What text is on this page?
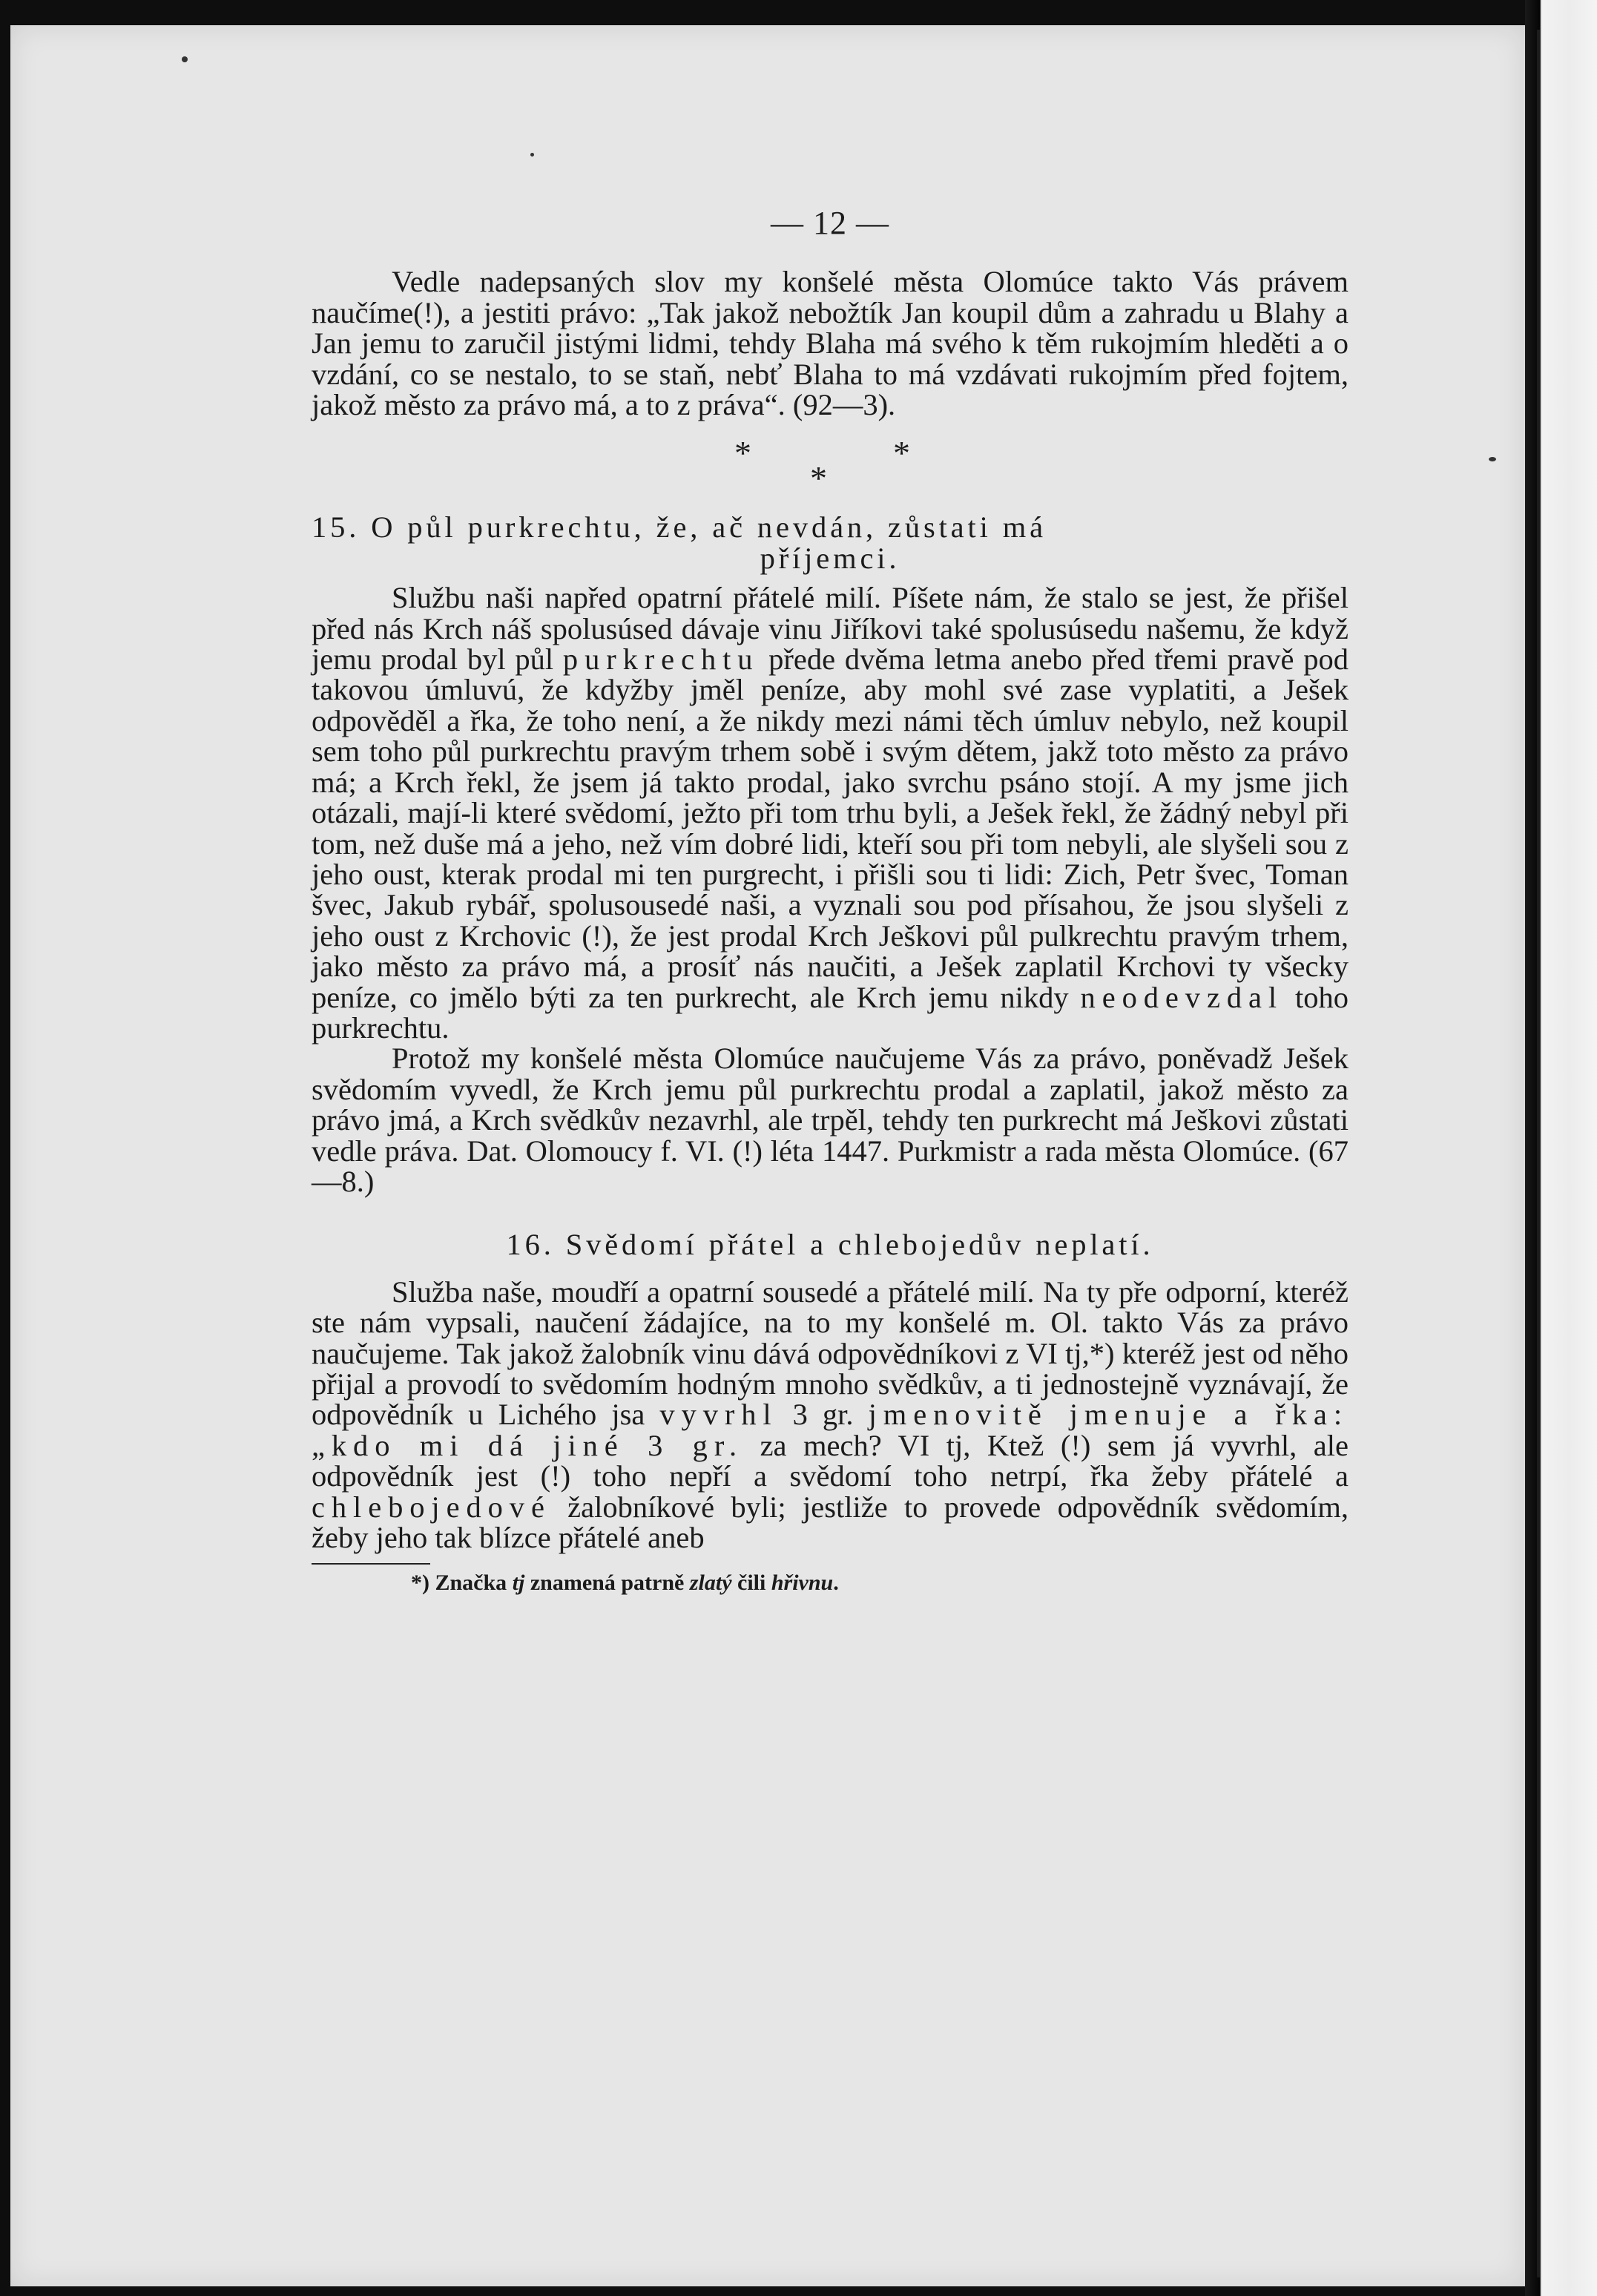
— 12 —

Vedle nadepsaných slov my konšelé města Olomúce takto Vás právem naučíme(!), a jestiti právo: „Tak jakož nebožtík Jan koupil dům a zahradu u Blahy a Jan jemu to zaručil jistými lidmi, tehdy Blaha má svého k těm rukojmím hleděti a o vzdání, co se nestalo, to se staň, nebť Blaha to má vzdávati rukojmím před fojtem, jakož město za právo má, a to z práva“. (92—3).

*
*
*
15. O půl purkrechtu, že, ač nevdán, zůstati má
příjemci.

Službu naši napřed opatrní přátelé milí. Píšete nám, že stalo se jest, že přišel před nás Krch náš spolusúsed dávaje vinu Jiříkovi také spolusúsedu našemu, že když jemu prodal byl půl purkrechtu přede dvěma letma anebo před třemi pravě pod takovou úmluvú, že kdyžby jměl peníze, aby mohl své zase vyplatiti, a Ješek odpověděl a řka, že toho není, a že nikdy mezi námi těch úmluv nebylo, než koupil sem toho půl purkrechtu pravým trhem sobě i svým dětem, jakž toto město za právo má; a Krch řekl, že jsem já takto prodal, jako svrchu psáno stojí. A my jsme jich otázali, mají-li které svědomí, ježto při tom trhu byli, a Ješek řekl, že žádný nebyl při tom, než duše má a jeho, než vím dobré lidi, kteří sou při tom nebyli, ale slyšeli sou z jeho oust, kterak prodal mi ten purgrecht, i přišli sou ti lidi: Zich, Petr švec, Toman švec, Jakub rybář, spolusousedé naši, a vyznali sou pod přísahou, že jsou slyšeli z jeho oust z Krchovic (!), že jest prodal Krch Ješkovi půl pulkrechtu pravým trhem, jako město za právo má, a prosíť nás naučiti, a Ješek zaplatil Krchovi ty všecky peníze, co jmělo býti za ten purkrecht, ale Krch jemu nikdy neodevzdal toho purkrechtu.

Protož my konšelé města Olomúce naučujeme Vás za právo, poněvadž Ješek svědomím vyvedl, že Krch jemu půl purkrechtu prodal a zaplatil, jakož město za právo jmá, a Krch svědkův nezavrhl, ale trpěl, tehdy ten purkrecht má Ješkovi zůstati vedle práva. Dat. Olomoucy f. VI. (!) léta 1447. Purkmistr a rada města Olomúce. (67—8.)

16. Svědomí přátel a chlebojedův neplatí.

Služba naše, moudří a opatrní sousedé a přátelé milí. Na ty pře odporní, kteréž ste nám vypsali, naučení žádajíce, na to my konšelé m. Ol. takto Vás za právo naučujeme. Tak jakož žalobník vinu dává odpovědníkovi z VI tj,*) kteréž jest od něho přijal a provodí to svědomím hodným mnoho svědkův, a ti jednostejně vyznávají, že odpovědník u Lichého jsa vyvrhl 3 gr. jmenovitě jmenuje a řka: „kdo mi dá jiné 3 gr. za mech? VI tj, Ktež (!) sem já vyvrhl, ale odpovědník jest (!) toho nepří a svědomí toho netrpí, řka žeby přátelé a chlebojedové žalobníkové byli; jestliže to provede odpovědník svědomím, žeby jeho tak blízce přátelé aneb

*) Značka tj znamená patrně zlatý čili hřivnu.
